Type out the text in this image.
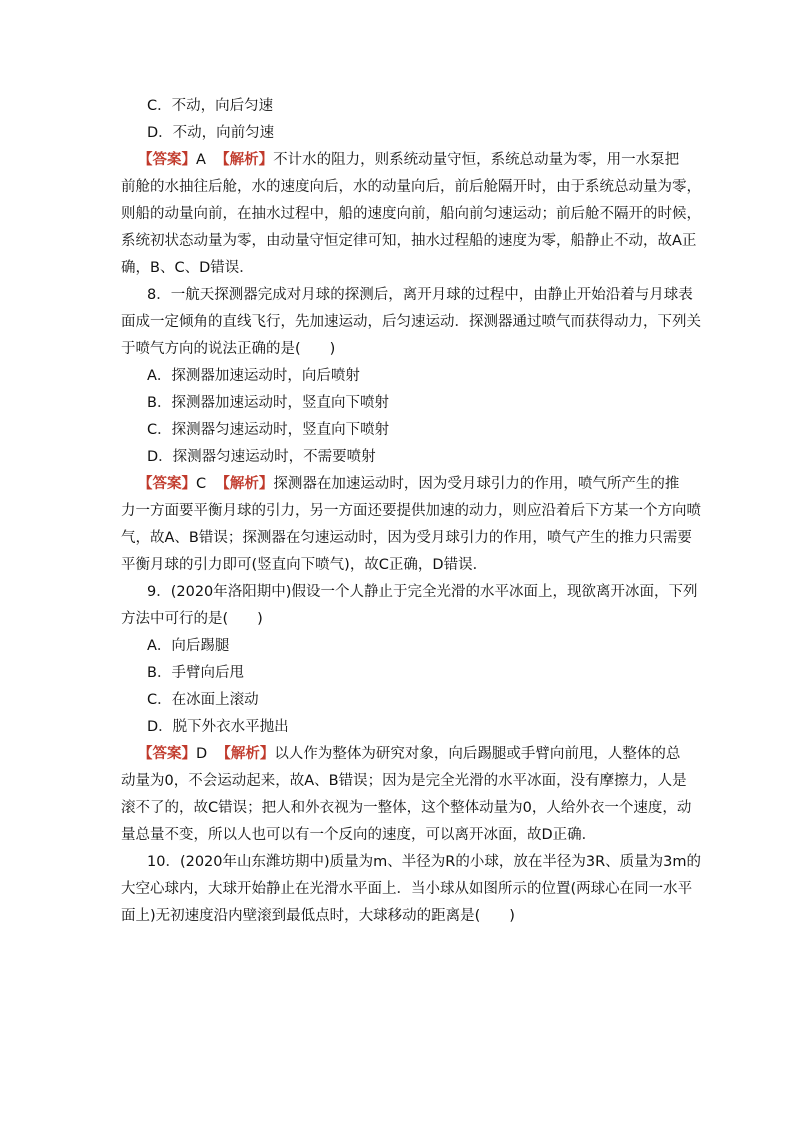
C．不动，向后匀速
D．不动，向前匀速
【答案】A 【解析】不计水的阻力，则系统动量守恒，系统总动量为零，用一水泵把
前舱的水抽往后舱，水的速度向后，水的动量向后，前后舱隔开时，由于系统总动量为零，
则船的动量向前，在抽水过程中，船的速度向前，船向前匀速运动；前后舱不隔开的时候，
系统初状态动量为零，由动量守恒定律可知，抽水过程船的速度为零，船静止不动，故A正
确，B、C、D错误．
8．一航天探测器完成对月球的探测后，离开月球的过程中，由静止开始沿着与月球表
面成一定倾角的直线飞行，先加速运动，后匀速运动．探测器通过喷气而获得动力，下列关
于喷气方向的说法正确的是(　　)
A．探测器加速运动时，向后喷射
B．探测器加速运动时，竖直向下喷射
C．探测器匀速运动时，竖直向下喷射
D．探测器匀速运动时，不需要喷射
【答案】C 【解析】探测器在加速运动时，因为受月球引力的作用，喷气所产生的推
力一方面要平衡月球的引力，另一方面还要提供加速的动力，则应沿着后下方某一个方向喷
气，故A、B错误；探测器在匀速运动时，因为受月球引力的作用，喷气产生的推力只需要
平衡月球的引力即可(竖直向下喷气)，故C正确，D错误．
9．(2020年洛阳期中)假设一个人静止于完全光滑的水平冰面上，现欲离开冰面，下列
方法中可行的是(　　)
A．向后踢腿
B．手臂向后甩
C．在冰面上滚动
D．脱下外衣水平抛出
【答案】D 【解析】以人作为整体为研究对象，向后踢腿或手臂向前甩，人整体的总
动量为0，不会运动起来，故A、B错误；因为是完全光滑的水平冰面，没有摩擦力，人是
滚不了的，故C错误；把人和外衣视为一整体，这个整体动量为0，人给外衣一个速度，动
量总量不变，所以人也可以有一个反向的速度，可以离开冰面，故D正确．
10．(2020年山东潍坊期中)质量为m、半径为R的小球，放在半径为3R、质量为3m的
大空心球内，大球开始静止在光滑水平面上．当小球从如图所示的位置(两球心在同一水平
面上)无初速度沿内壁滚到最低点时，大球移动的距离是(　　)
